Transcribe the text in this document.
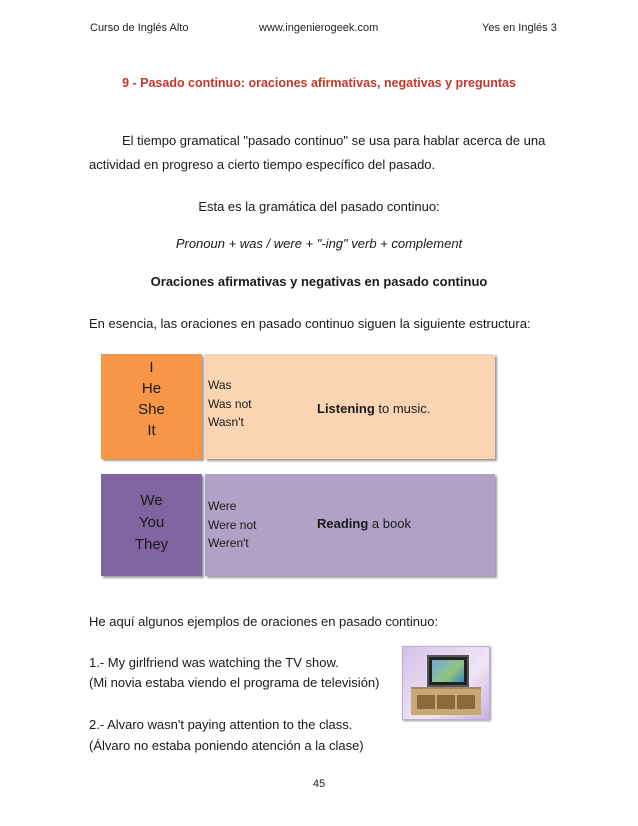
Curso de Inglés Alto	www.ingenierogeek.com	Yes en Inglés 3
9 - Pasado continuo: oraciones afirmativas, negativas y preguntas
El tiempo gramatical "pasado continuo" se usa para hablar acerca de una
actividad en progreso a cierto tiempo específico del pasado.
Esta es la gramática del pasado continuo:
Pronoun + was / were + "-ing" verb + complement
Oraciones afirmativas y negativas en pasado continuo
En esencia, las oraciones en pasado continuo siguen la siguiente estructura:
I
He
She
It
Was
Was not
Wasn't
Listening to music.
We
You
They
Were
Were not
Weren't
Reading a book
He aquí algunos ejemplos de oraciones en pasado continuo:
1.- My girlfriend was watching the TV show.
(Mi novia estaba viendo el programa de televisión)
2.- Alvaro wasn't paying attention to the class.
(Álvaro no estaba poniendo atención a la clase)
45
